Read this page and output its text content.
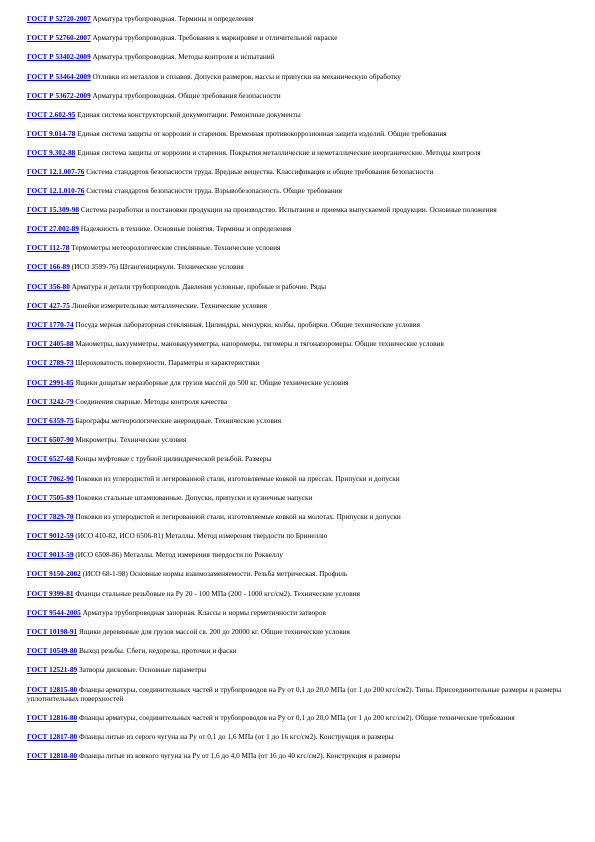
ГОСТ Р 52720-2007 Арматура трубопроводная. Термины и определения
ГОСТ Р 52760-2007 Арматура трубопроводная. Требования к маркировке и отличительной окраске
ГОСТ Р 53402-2009 Арматура трубопроводная. Методы контроля и испытаний
ГОСТ Р 53464-2009 Отливки из металлов и сплавов. Допуски размеров, массы и припуски на механическую обработку
ГОСТ Р 53672-2009 Арматура трубопроводная. Общие требования безопасности
ГОСТ 2.602-95 Единая система конструкторской документации. Ремонтные документы
ГОСТ 9.014-78 Единая система защиты от коррозии и старения. Временная противокоррозионная защита изделий. Общие требования
ГОСТ 9.302-88 Единая система защиты от коррозии и старения. Покрытия металлические и неметаллические неорганические. Методы контроля
ГОСТ 12.1.007-76 Система стандартов безопасности труда. Вредные вещества. Классификация и общие требования безопасности
ГОСТ 12.1.010-76 Система стандартов безопасности труда. Взрывобезопасность. Общие требования
ГОСТ 15.309-98 Система разработки и постановки продукции на производство. Испытания и приемка выпускаемой продукции. Основные положения
ГОСТ 27.002-89 Надежность в технике. Основные понятия. Термины и определения
ГОСТ 112-78 Термометры метеорологические стеклянные. Технические условия
ГОСТ 166-89 (ИСО 3599-76) Штангенциркули. Технические условия
ГОСТ 356-80 Арматура и детали трубопроводов. Давления условные, пробные и рабочие. Ряды
ГОСТ 427-75 Линейки измерительные металлические. Технические условия
ГОСТ 1770-74 Посуда мерная лабораторная стеклянная. Цилиндры, мензурки, колбы, пробирки. Общие технические условия
ГОСТ 2405-88 Манометры, вакуумметры, мановакуумметры, напоромеры, тягомеры и тягонапоромеры. Общие технические условия
ГОСТ 2789-73 Шероховатость поверхности. Параметры и характеристики
ГОСТ 2991-85 Ящики дощатые неразборные для грузов массой до 500 кг. Общие технические условия
ГОСТ 3242-79 Соединения сварные. Методы контроля качества
ГОСТ 6359-75 Барографы метеорологические анероидные. Технические условия
ГОСТ 6507-90 Микрометры. Технические условия
ГОСТ 6527-68 Концы муфтовые с трубной цилиндрической резьбой. Размеры
ГОСТ 7062-90 Поковки из углеродистой и легированной стали, изготовляемые ковкой на прессах. Припуски и допуски
ГОСТ 7505-89 Поковки стальные штампованные. Допуски, припуски и кузнечные напуски
ГОСТ 7829-70 Поковки из углеродистой и легированной стали, изготовляемые ковкой на молотах. Припуски и допуски
ГОСТ 9012-59 (ИСО 410-82, ИСО 6506-81) Металлы. Метод измерения твердости по Бринеллю
ГОСТ 9013-59 (ИСО 6508-86) Металлы. Метод измерения твердости по Роквеллу
ГОСТ 9150-2002 (ИСО 68-1-98) Основные нормы взаимозаменяемости. Резьба метрическая. Профиль
ГОСТ 9399-81 Фланцы стальные резьбовые на Ру 20 - 100 МПа (200 - 1000 кгс/см2). Технические условия
ГОСТ 9544-2005 Арматура трубопроводная запорная. Классы и нормы герметичности затворов
ГОСТ 10198-91 Ящики деревянные для грузов массой св. 200 до 20000 кг. Общие технические условия
ГОСТ 10549-80 Выход резьбы. Сбеги, недорезы, проточки и фаски
ГОСТ 12521-89 Затворы дисковые. Основные параметры
ГОСТ 12815-80 Фланцы арматуры, соединительных частей и трубопроводов на Ру от 0,1 до 20,0 МПа (от 1 до 200 кгс/см2). Типы. Присоединительные размеры и размеры уплотнительных поверхностей
ГОСТ 12816-80 Фланцы арматуры, соединительных частей и трубопроводов на Ру от 0,1 до 20,0 МПа (от 1 до 200 кгс/см2). Общие технические требования
ГОСТ 12817-80 Фланцы литые из серого чугуна на Ру от 0,1 до 1,6 МПа (от 1 до 16 кгс/см2). Конструкция и размеры
ГОСТ 12818-80 Фланцы литые из ковкого чугуна на Ру от 1,6 до 4,0 МПа (от 16 до 40 кгс/см2). Конструкция и размеры
